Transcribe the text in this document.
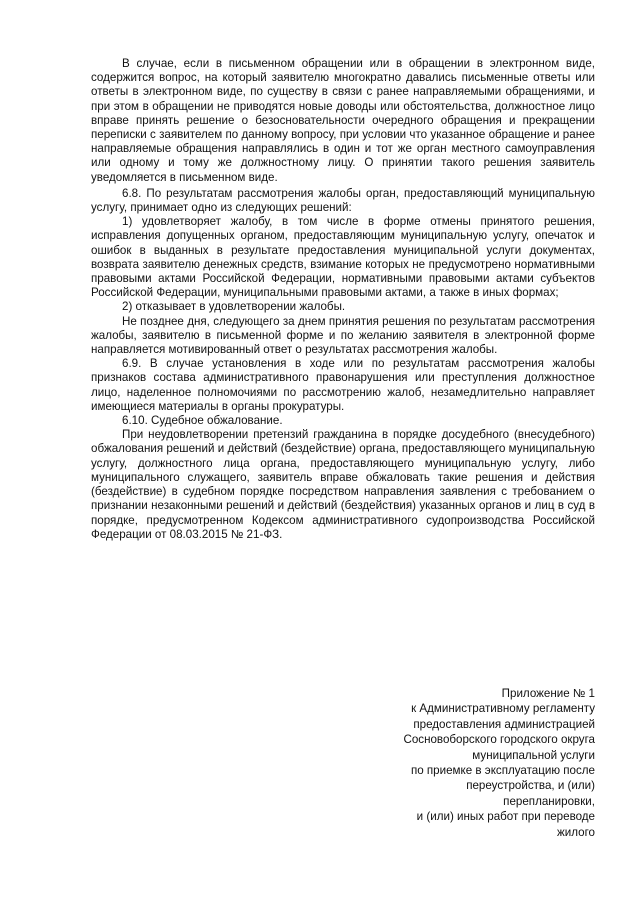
В случае, если в письменном обращении или в обращении в электронном виде, содержится вопрос, на который заявителю многократно давались письменные ответы или ответы в электронном виде, по существу в связи с ранее направляемыми обращениями, и при этом в обращении не приводятся новые доводы или обстоятельства, должностное лицо вправе принять решение о безосновательности очередного обращения и прекращении переписки с заявителем по данному вопросу, при условии что указанное обращение и ранее направляемые обращения направлялись в один и тот же орган местного самоуправления или одному и тому же должностному лицу. О принятии такого решения заявитель уведомляется в письменном виде.

6.8. По результатам рассмотрения жалобы орган, предоставляющий муниципальную услугу, принимает одно из следующих решений:

1) удовлетворяет жалобу, в том числе в форме отмены принятого решения, исправления допущенных органом, предоставляющим муниципальную услугу, опечаток и ошибок в выданных в результате предоставления муниципальной услуги документах, возврата заявителю денежных средств, взимание которых не предусмотрено нормативными правовыми актами Российской Федерации, нормативными правовыми актами субъектов Российской Федерации, муниципальными правовыми актами, а также в иных формах;

2) отказывает в удовлетворении жалобы.

Не позднее дня, следующего за днем принятия решения по результатам рассмотрения жалобы, заявителю в письменной форме и по желанию заявителя в электронной форме направляется мотивированный ответ о результатах рассмотрения жалобы.

6.9. В случае установления в ходе или по результатам рассмотрения жалобы признаков состава административного правонарушения или преступления должностное лицо, наделенное полномочиями по рассмотрению жалоб, незамедлительно направляет имеющиеся материалы в органы прокуратуры.

6.10. Судебное обжалование.

При неудовлетворении претензий гражданина в порядке досудебного (внесудебного) обжалования решений и действий (бездействие) органа, предоставляющего муниципальную услугу, должностного лица органа, предоставляющего муниципальную услугу, либо муниципального служащего, заявитель вправе обжаловать такие решения и действия (бездействие) в судебном порядке посредством направления заявления с требованием о признании незаконными решений и действий (бездействия) указанных органов и лиц в суд в порядке, предусмотренном Кодексом административного судопроизводства Российской Федерации от 08.03.2015 № 21-ФЗ.

Приложение № 1
к Административному регламенту
предоставления администрацией
Сосновоборского городского округа
муниципальной услуги
по приемке в эксплуатацию после
переустройства, и (или)
перепланировки,
и (или) иных работ при переводе
жилого
